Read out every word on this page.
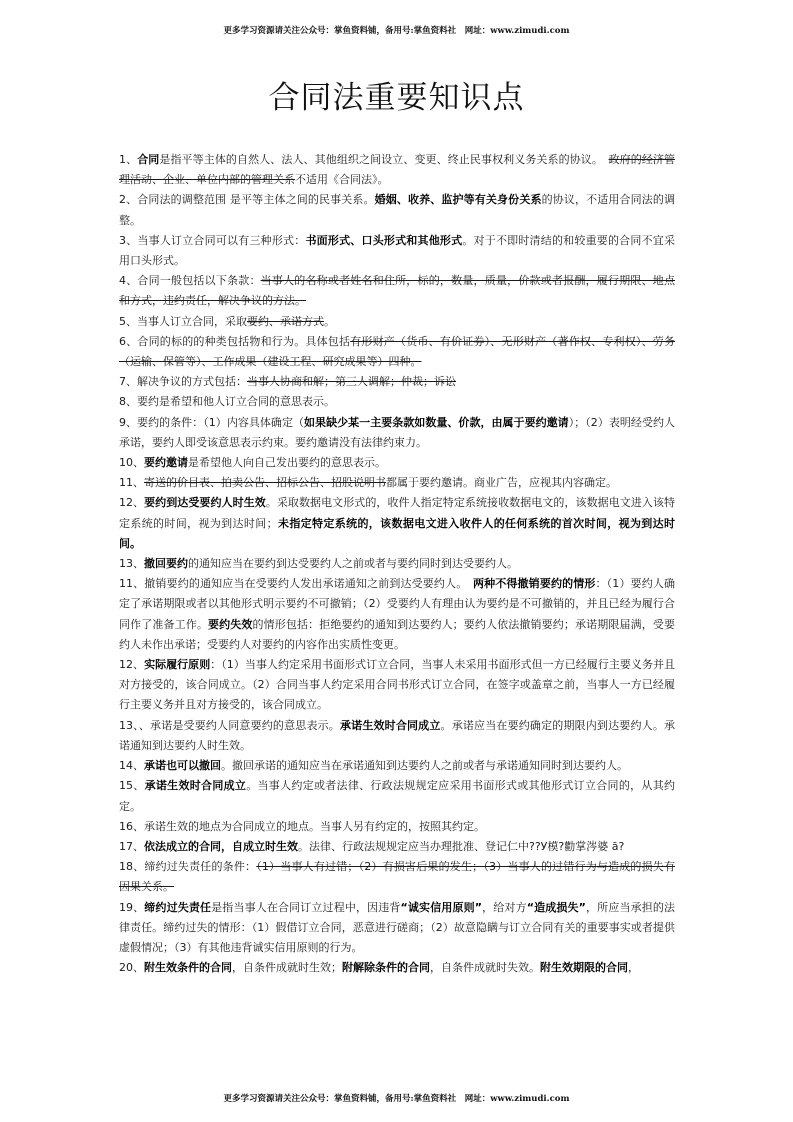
更多学习资源请关注公众号：掌鱼资料铺，备用号:掌鱼资料社　网址：www.zimudi.com
合同法重要知识点

1、合同是指平等主体的自然人、法人、其他组织之间设立、变更、终止民事权利义务关系的协议。　政府的经济管理活动、企业、单位内部的管理关系不适用《合同法》。

2、合同法的调整范围 是平等主体之间的民事关系。婚姻、收养、监护等有关身份关系的协议，不适用合同法的调整。

3、当事人订立合同可以有三种形式：书面形式、口头形式和其他形式。对于不即时清结的和较重要的合同不宜采用口头形式。

4、合同一般包括以下条款：当事人的名称或者姓名和住所，标的，数量，质量，价款或者报酬，履行期限、地点和方式，违约责任，解决争议的方法。

5、当事人订立合同，采取要约、承诺方式。

6、合同的标的的种类包括物和行为。具体包括有形财产（货币、有价证券）、无形财产（著作权、专利权）、劳务（运输、保管等）、工作成果（建设工程、研究成果等）四种。

7、解决争议的方式包括：当事人协商和解；第三人调解；仲裁；诉讼

8、要约是希望和他人订立合同的意思表示。

9、要约的条件：（1）内容具体确定（如果缺少某一主要条款如数量、价款，由属于要约邀请）；（2）表明经受约人承诺，要约人即受该意思表示约束。要约邀请没有法律约束力。

10、要约邀请是希望他人向自己发出要约的意思表示。

11、寄送的价目表、拍卖公告、招标公告、招股说明书都属于要约邀请。商业广告，应视其内容确定。

12、要约到达受要约人时生效。采取数据电文形式的，收件人指定特定系统接收数据电文的，该数据电文进入该特定系统的时间，视为到达时间；未指定特定系统的，该数据电文进入收件人的任何系统的首次时间，视为到达时间。

13、撤回要约的通知应当在要约到达受要约人之前或者与要约同时到达受要约人。

11、撤销要约的通知应当在受要约人发出承诺通知之前到达受要约人。　两种不得撤销要约的情形：（1）要约人确定了承诺期限或者以其他形式明示要约不可撤销；（2）受要约人有理由认为要约是不可撤销的，并且已经为履行合同作了准备工作。要约失效的情形包括：拒绝要约的通知到达要约人；要约人依法撤销要约；承诺期限届满，受要约人未作出承诺；受要约人对要约的内容作出实质性变更。

12、实际履行原则：（1）当事人约定采用书面形式订立合同，当事人未采用书面形式但一方已经履行主要义务并且对方接受的，该合同成立。（2）合同当事人约定采用合同书形式订立合同，在签字或盖章之前，当事人一方已经履行主要义务并且对方接受的，该合同成立。

13、、承诺是受要约人同意要约的意思表示。承诺生效时合同成立。承诺应当在要约确定的期限内到达要约人。承诺通知到达要约人时生效。

14、承诺也可以撤回。撤回承诺的通知应当在承诺通知到达要约人之前或者与承诺通知同时到达要约人。

15、承诺生效时合同成立。当事人约定或者法律、行政法规规定应采用书面形式或其他形式订立合同的，从其约定。

16、承诺生效的地点为合同成立的地点。当事人另有约定的，按照其约定。

17、依法成立的合同，自成立时生效。法律、行政法规规定应当办理批准、登记仁中??У模?勸掌涔婆 ā?

18、缔约过失责任的条件：（1）当事人有过错；（2）有损害后果的发生；（3）当事人的过错行为与造成的损失有因果关系。

19、缔约过失责任是指当事人在合同订立过程中，因违背“诚实信用原则”，给对方“造成损失”，所应当承担的法律责任。缔约过失的情形：（1）假借订立合同，恶意进行磋商；（2）故意隐瞒与订立合同有关的重要事实或者提供虚假情况；（3）有其他违背诚实信用原则的行为。

20、附生效条件的合同，自条件成就时生效；附解除条件的合同，自条件成就时失效。附生效期限的合同，

更多学习资源请关注公众号：掌鱼资料铺，备用号:掌鱼资料社　网址：www.zimudi.com
